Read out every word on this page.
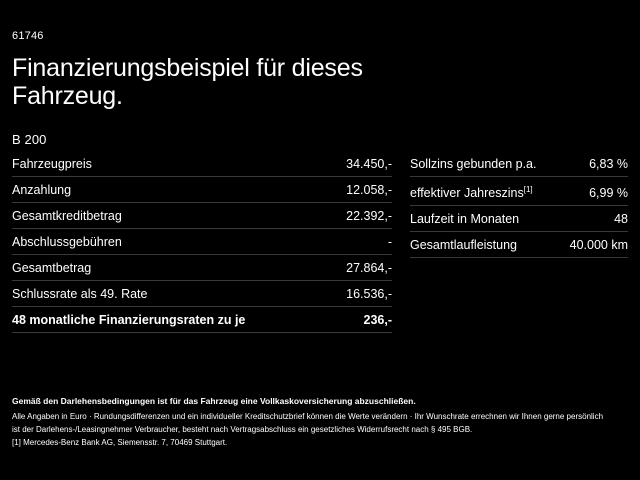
61746
Finanzierungsbeispiel für dieses
Fahrzeug.
B 200
Fahrzeugpreis	34.450,-
Anzahlung	12.058,-
Gesamtkreditbetrag	22.392,-
Abschlussgebühren	-
Gesamtbetrag	27.864,-
Schlussrate als 49. Rate	16.536,-
48 monatliche Finanzierungsraten zu je	236,-
Sollzins gebunden p.a.	6,83 %
effektiver Jahreszins[1]	6,99 %
Laufzeit in Monaten	48
Gesamtlaufleistung	40.000 km
Gemäß den Darlehensbedingungen ist für das Fahrzeug eine Vollkaskoversicherung abzuschließen.

Alle Angaben in Euro · Rundungsdifferenzen und ein individueller Kreditschutzbrief können die Werte verändern · Ihr Wunschrate errechnen wir Ihnen gerne persönlich

ist der Darlehens-/Leasingnehmer Verbraucher, besteht nach Vertragsabschluss ein gesetzliches Widerrufsrecht nach § 495 BGB.

[1] Mercedes-Benz Bank AG, Siemensstr. 7, 70469 Stuttgart.
